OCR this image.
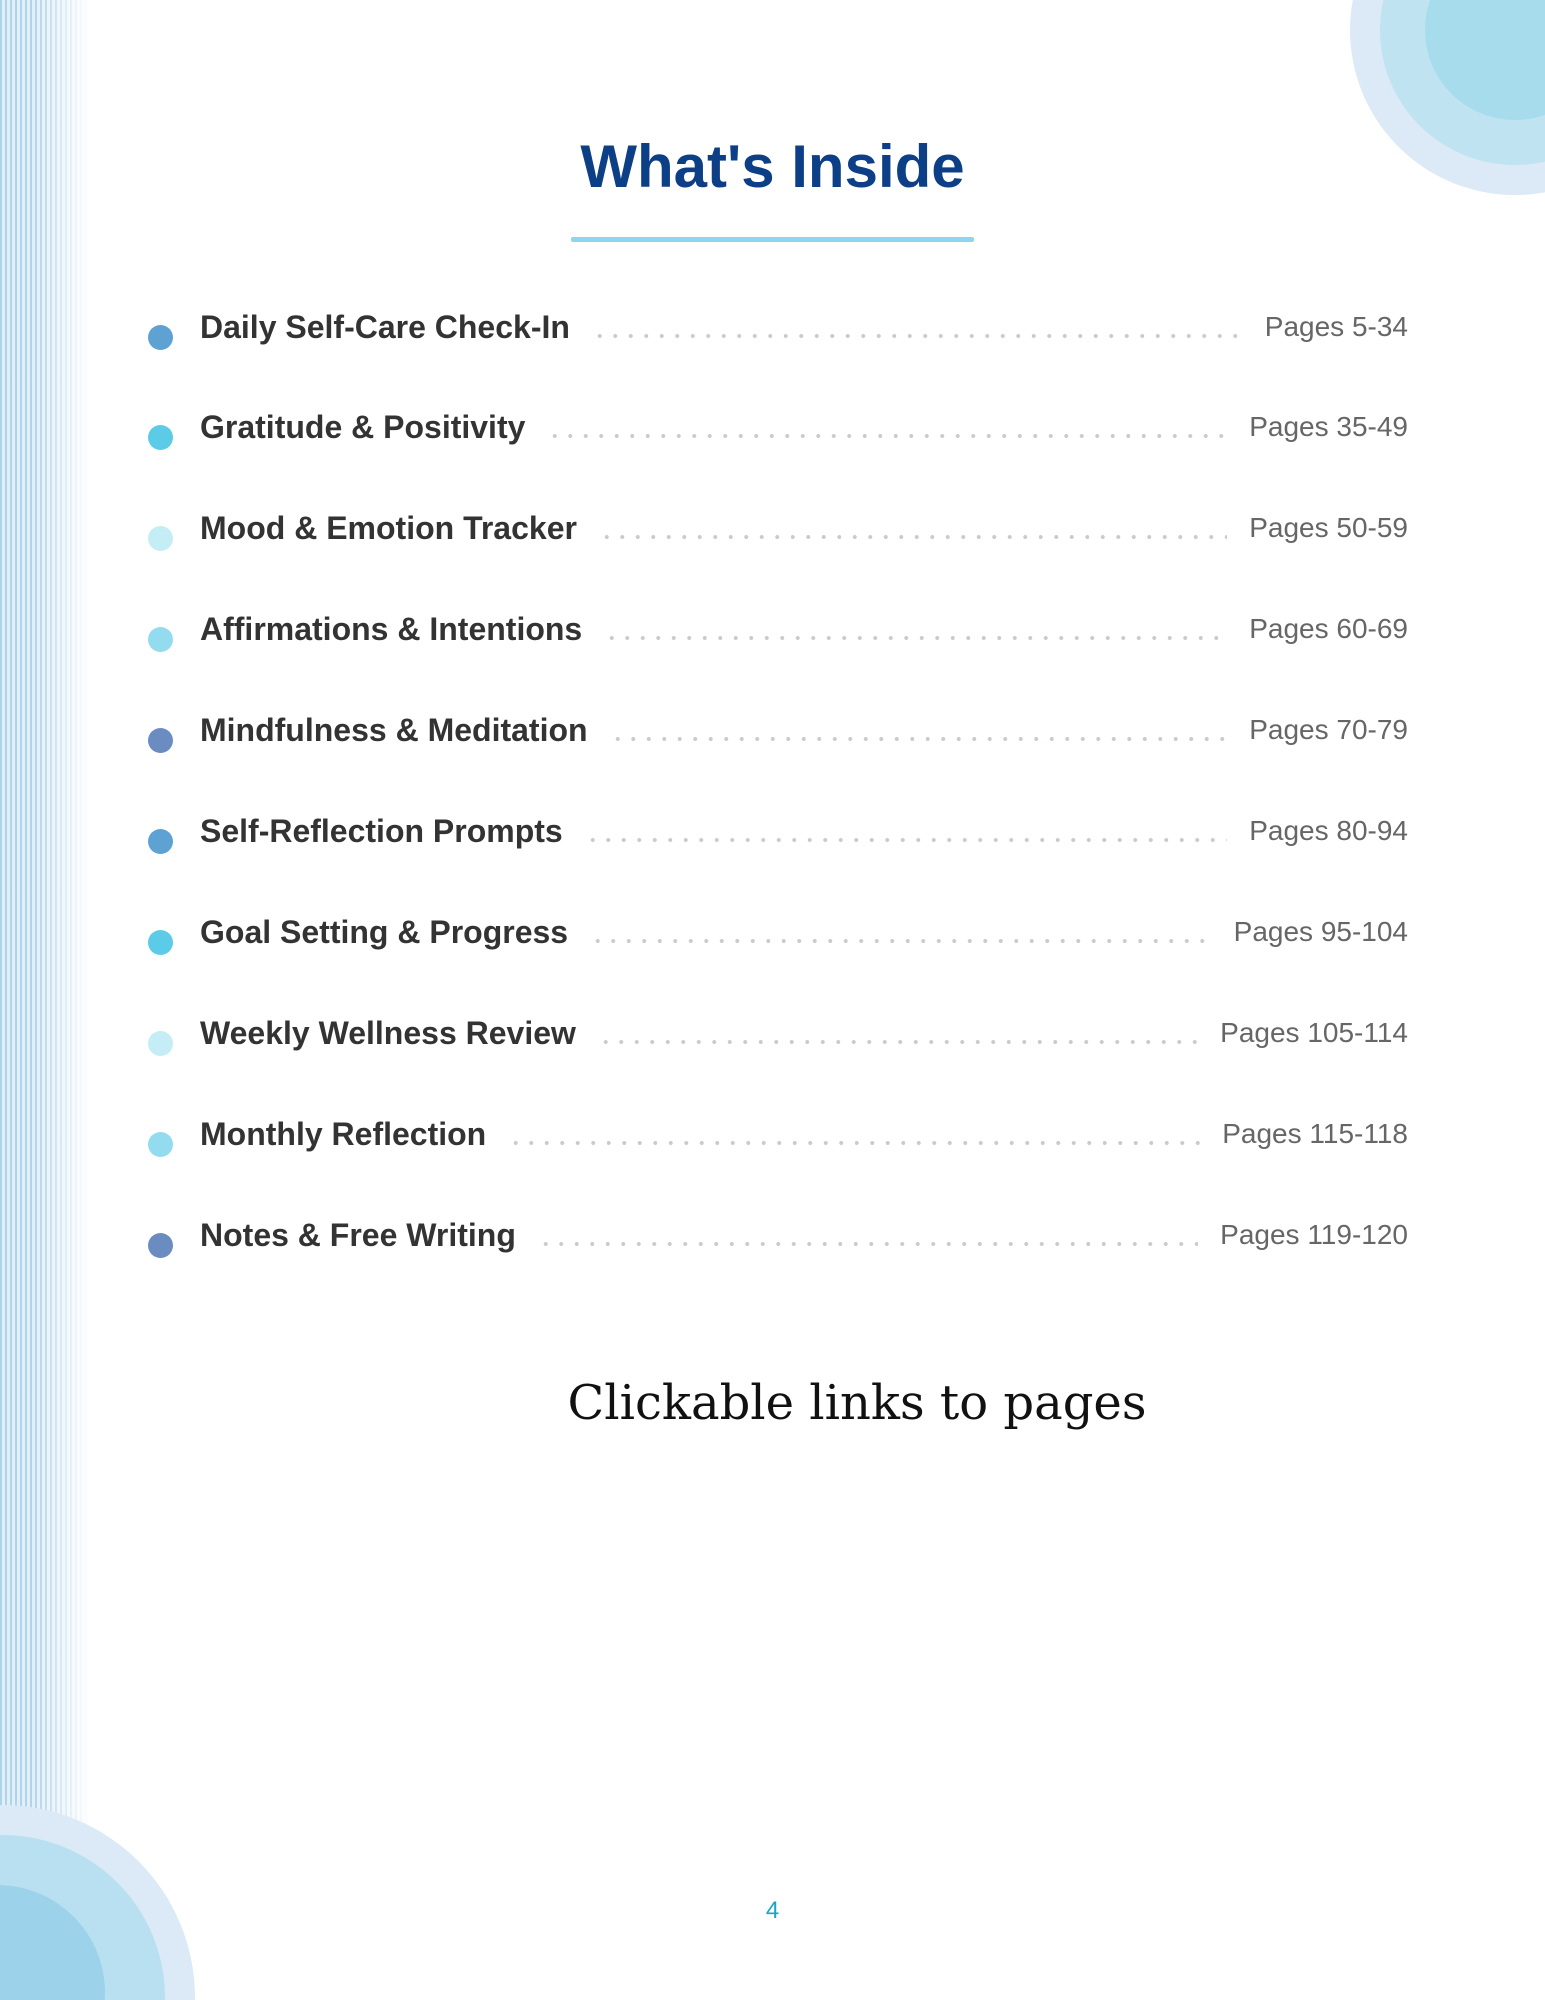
What's Inside
Daily Self-Care Check-In	Pages 5-34
Gratitude & Positivity	Pages 35-49
Mood & Emotion Tracker	Pages 50-59
Affirmations & Intentions	Pages 60-69
Mindfulness & Meditation	Pages 70-79
Self-Reflection Prompts	Pages 80-94
Goal Setting & Progress	Pages 95-104
Weekly Wellness Review	Pages 105-114
Monthly Reflection	Pages 115-118
Notes & Free Writing	Pages 119-120
Clickable links to pages
4
